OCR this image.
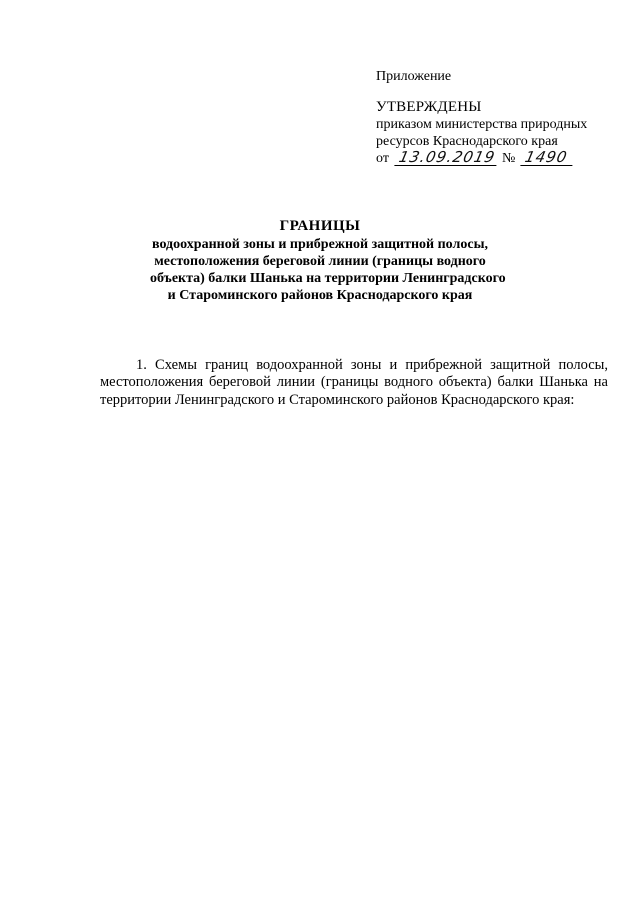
Приложение
УТВЕРЖДЕНЫ
приказом министерства природных
ресурсов Краснодарского края
от 13.09.2019 № 1490
ГРАНИЦЫ
водоохранной зоны и прибрежной защитной полосы,
местоположения береговой линии (границы водного
объекта) балки Шанька на территории Ленинградского
и Староминского районов Краснодарского края

1. Схемы границ водоохранной зоны и прибрежной защитной полосы, местоположения береговой линии (границы водного объекта) балки Шанька на территории Ленинградского и Староминского районов Краснодарского края:
